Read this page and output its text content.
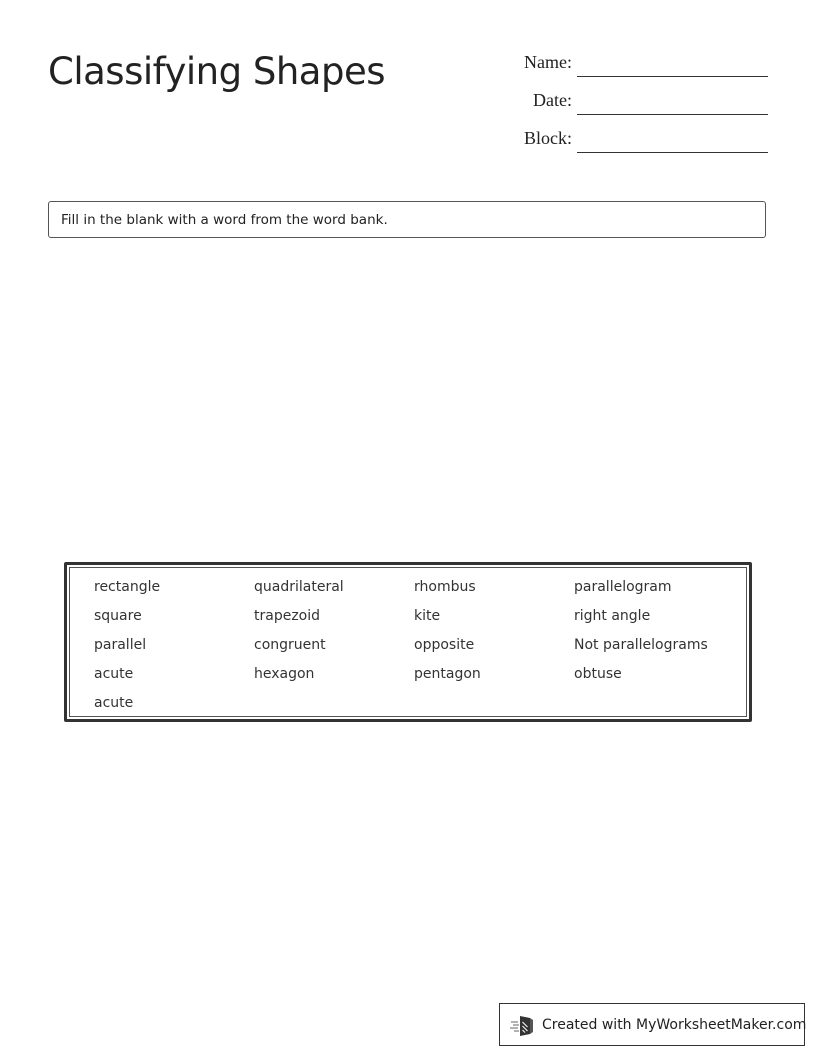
Classifying Shapes	Name:
Date:
Block:
Fill in the blank with a word from the word bank.
rectangle	quadrilateral	rhombus	parallelogram
square	trapezoid	kite	right angle
parallel	congruent	opposite	Not parallelograms
acute	hexagon	pentagon	obtuse
acute
Created with MyWorksheetMaker.com
